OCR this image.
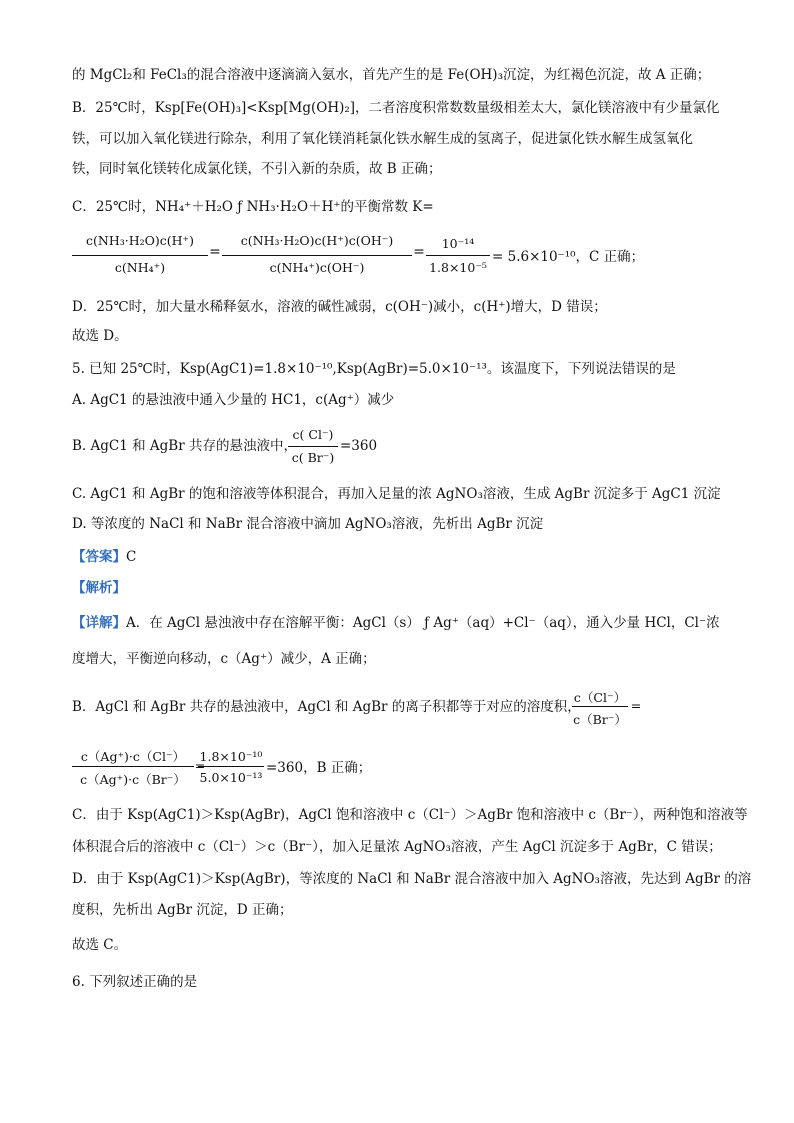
的 MgCl₂和 FeCl₃的混合溶液中逐滴滴入氨水，首先产生的是 Fe(OH)₃沉淀，为红褐色沉淀，故 A 正确；
B．25℃时，Ksp[Fe(OH)₃]<Ksp[Mg(OH)₂]，二者溶度积常数数量级相差太大，氯化镁溶液中有少量氯化
铁，可以加入氧化镁进行除杂，利用了氧化镁消耗氯化铁水解生成的氢离子，促进氯化铁水解生成氢氧化
铁，同时氧化镁转化成氯化镁，不引入新的杂质，故 B 正确；
C．25℃时，NH₄⁺＋H₂O ƒ NH₃·H₂O＋H⁺的平衡常数 K=
c(NH₃·H₂O)c(H⁺)
c(NH₄⁺)
=
c(NH₃·H₂O)c(H⁺)c(OH⁻)
c(NH₄⁺)c(OH⁻)
=
10⁻¹⁴
1.8×10⁻⁵
= 5.6×10⁻¹⁰，C 正确；
D．25℃时，加大量水稀释氨水，溶液的碱性减弱，c(OH⁻)减小，c(H⁺)增大，D 错误；
故选 D。
5. 已知 25℃时，Ksp(AgC1)=1.8×10⁻¹⁰,Ksp(AgBr)=5.0×10⁻¹³。该温度下，下列说法错误的是
A. AgC1 的悬浊液中通入少量的 HC1，c(Ag⁺）减少
B. AgC1 和 AgBr 共存的悬浊液中，
c( Cl⁻)
c( Br⁻)
=360
C. AgC1 和 AgBr 的饱和溶液等体积混合，再加入足量的浓 AgNO₃溶液，生成 AgBr 沉淀多于 AgC1 沉淀
D. 等浓度的 NaCl 和 NaBr 混合溶液中滴加 AgNO₃溶液，先析出 AgBr 沉淀
【答案】C
【解析】
【详解】A．在 AgCl 悬浊液中存在溶解平衡：AgCl（s） ƒ Ag⁺（aq）+Cl⁻（aq），通入少量 HCl，Cl⁻浓
度增大，平衡逆向移动，c（Ag⁺）减少，A 正确；
B．AgCl 和 AgBr 共存的悬浊液中，AgCl 和 AgBr 的离子积都等于对应的溶度积，
c（Cl⁻）
c（Br⁻）
=
c（Ag⁺)·c（Cl⁻）
c（Ag⁺)·c（Br⁻）
=
1.8×10⁻¹⁰
5.0×10⁻¹³
=360，B 正确；
C．由于 Ksp(AgC1)＞Ksp(AgBr)，AgCl 饱和溶液中 c（Cl⁻）＞AgBr 饱和溶液中 c（Br⁻），两种饱和溶液等
体积混合后的溶液中 c（Cl⁻）＞c（Br⁻），加入足量浓 AgNO₃溶液，产生 AgCl 沉淀多于 AgBr，C 错误；
D．由于 Ksp(AgC1)＞Ksp(AgBr)，等浓度的 NaCl 和 NaBr 混合溶液中加入 AgNO₃溶液，先达到 AgBr 的溶
度积，先析出 AgBr 沉淀，D 正确；
故选 C。
6. 下列叙述正确的是
